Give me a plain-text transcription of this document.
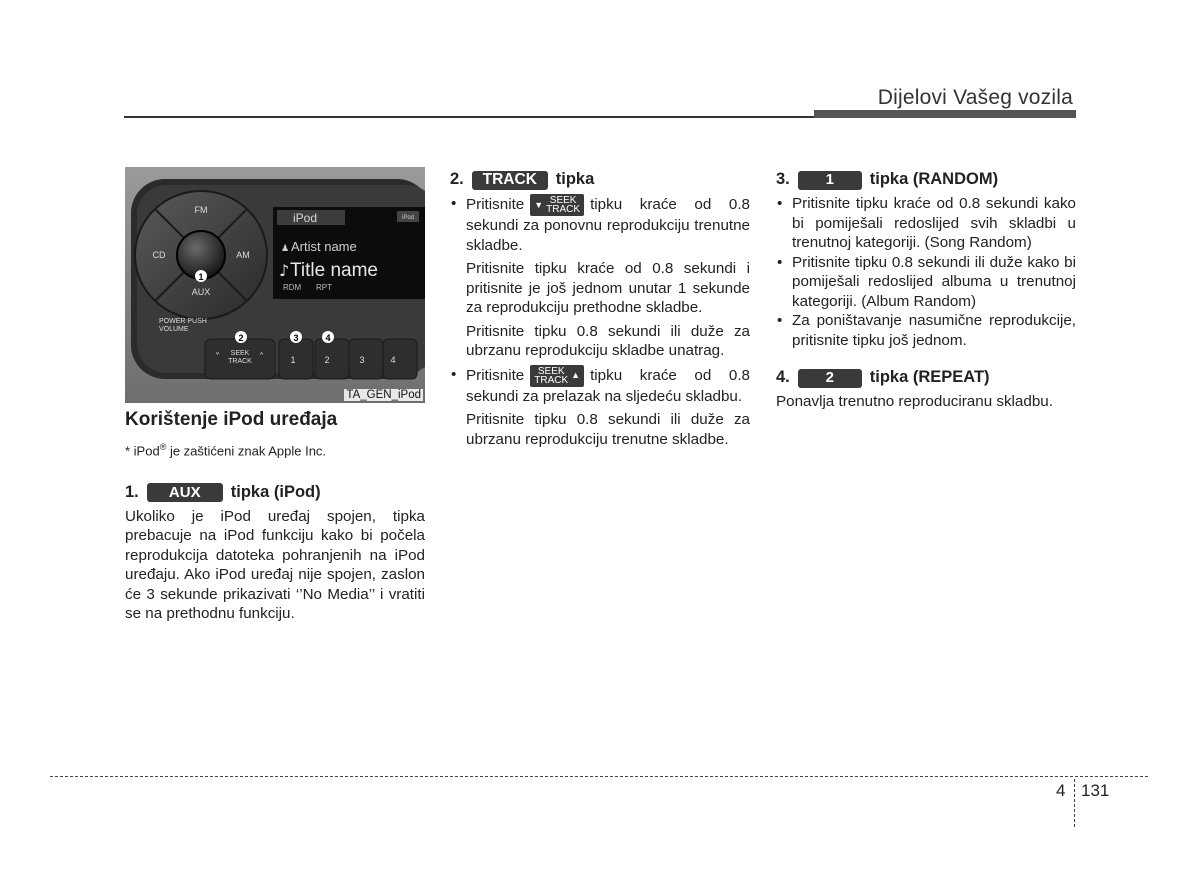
Dijelovi Vašeg vozila
FM
CD	AM
AUX
1
iPod	iPod
♟ Artist name
♪ Title name
RDM RPT
POWER PUSH
VOLUME
SEEK
TRACK
˅	˄	1	2	3	4
2	3	4
TA_GEN_iPod
Korištenje iPod uređaja
* iPod® je zaštićeni znak Apple Inc.
1.	AUX	tipka (iPod)
Ukoliko je iPod uređaj spojen, tipka prebacuje na iPod funkciju kako bi počela reprodukcija datoteka pohranjenih na iPod uređaju. Ako iPod uređaj nije spojen, zaslon će 3 sekunde prikazivati ‘’No Media’’ i vratiti se na prethodnu funkciju.
2.	TRACK	tipka
• Pritisnite ▼ SEEK
TRACK tipku kraće od 0.8 sekundi za ponovnu reprodukciju trenutne skladbe.
Pritisnite tipku kraće od 0.8 sekundi i pritisnite je još jednom unutar 1 sekunde za reprodukciju prethodne skladbe.
Pritisnite tipku 0.8 sekundi ili duže za ubrzanu reprodukciju skladbe unatrag.
• Pritisnite	SEEK
TRACK ▲ tipku kraće od 0.8 sekundi za prelazak na sljedeću skladbu.
Pritisnite tipku 0.8 sekundi ili duže za ubrzanu reprodukciju trenutne skladbe.
3.	1	tipka (RANDOM)
• Pritisnite tipku kraće od 0.8 sekundi kako bi pomiješali redoslijed svih skladbi u trenutnoj kategoriji. (Song Random)
• Pritisnite tipku 0.8 sekundi ili duže kako bi pomiješali redoslijed albuma u trenutnoj kategoriji. (Album Random)
• Za poništavanje nasumične reprodukcije, pritisnite tipku još jednom.
4.	2	tipka (REPEAT)
Ponavlja trenutno reproduciranu skladbu.
4 131
